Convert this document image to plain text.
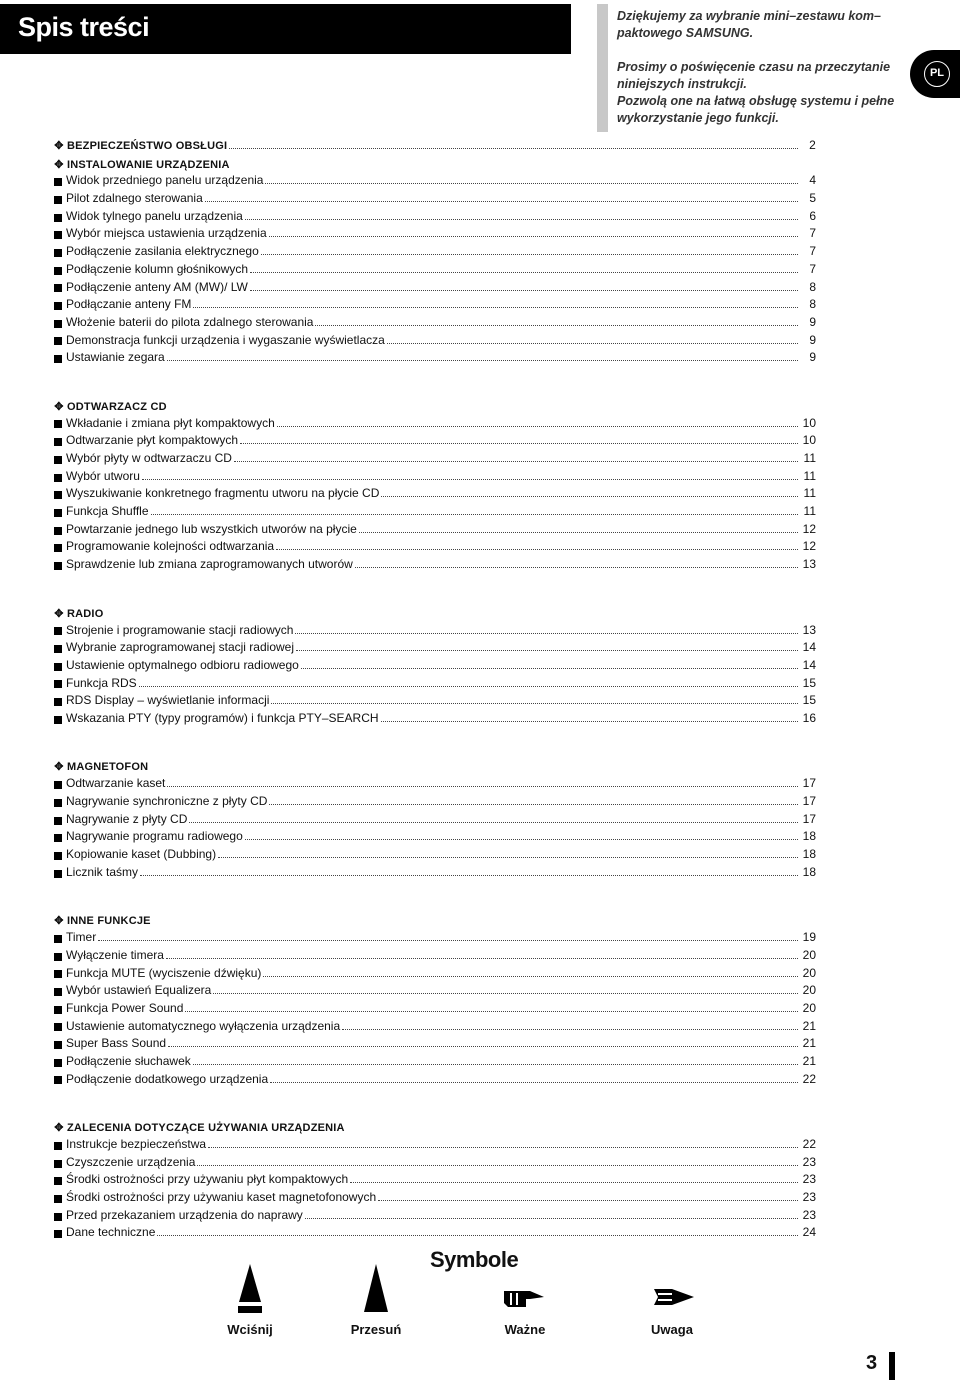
Spis treści	Dziękujemy za wybranie mini–zestawu kom–paktowego SAMSUNG.

Prosimy o poświęcenie czasu na przeczytanie niniejszych instrukcji.

Pozwolą one na łatwą obsługę systemu i pełne wykorzystanie jego funkcji.

PL
✥ BEZPIECZEŃSTWO OBSŁUGI	2
✥ INSTALOWANIE URZĄDZENIA
Widok przedniego panelu urządzenia	4
Pilot zdalnego sterowania	5
Widok tylnego panelu urządzenia	6
Wybór miejsca ustawienia urządzenia	7
Podłączenie zasilania elektrycznego	7
Podłączenie kolumn głośnikowych	7
Podłączenie anteny AM (MW)/ LW	8
Podłączanie anteny FM	8
Włożenie baterii do pilota zdalnego sterowania	9
Demonstracja funkcji urządzenia i wygaszanie wyświetlacza	9
Ustawianie zegara	9
✥ ODTWARZACZ CD
Wkładanie i zmiana płyt kompaktowych	10
Odtwarzanie płyt kompaktowych	10
Wybór płyty w odtwarzaczu CD	11
Wybór utworu	11
Wyszukiwanie konkretnego fragmentu utworu na płycie CD	11
Funkcja Shuffle	11
Powtarzanie jednego lub wszystkich utworów na płycie	12
Programowanie kolejności odtwarzania	12
Sprawdzenie lub zmiana zaprogramowanych utworów	13
✥ RADIO
Strojenie i programowanie stacji radiowych	13
Wybranie zaprogramowanej stacji radiowej	14
Ustawienie optymalnego odbioru radiowego	14
Funkcja RDS	15
RDS Display – wyświetlanie informacji	15
Wskazania PTY (typy programów) i funkcja PTY–SEARCH	16
✥ MAGNETOFON
Odtwarzanie kaset	17
Nagrywanie synchroniczne z płyty CD	17
Nagrywanie z płyty CD	17
Nagrywanie programu radiowego	18
Kopiowanie kaset (Dubbing)	18
Licznik taśmy	18
✥ INNE FUNKCJE
Timer	19
Wyłączenie timera	20
Funkcja MUTE (wyciszenie dźwięku)	20
Wybór ustawień Equalizera	20
Funkcja Power Sound	20
Ustawienie automatycznego wyłączenia urządzenia	21
Super Bass Sound	21
Podłączenie słuchawek	21
Podłączenie dodatkowego urządzenia	22
✥ ZALECENIA DOTYCZĄCE UŻYWANIA URZĄDZENIA
Instrukcje bezpieczeństwa	22
Czyszczenie urządzenia	23
Środki ostrożności przy używaniu płyt kompaktowych	23
Środki ostrożności przy używaniu kaset magnetofonowych	23
Przed przekazaniem urządzenia do naprawy	23
Dane techniczne	24
Symbole
Wciśnij	Przesuń	Ważne	Uwaga
3
